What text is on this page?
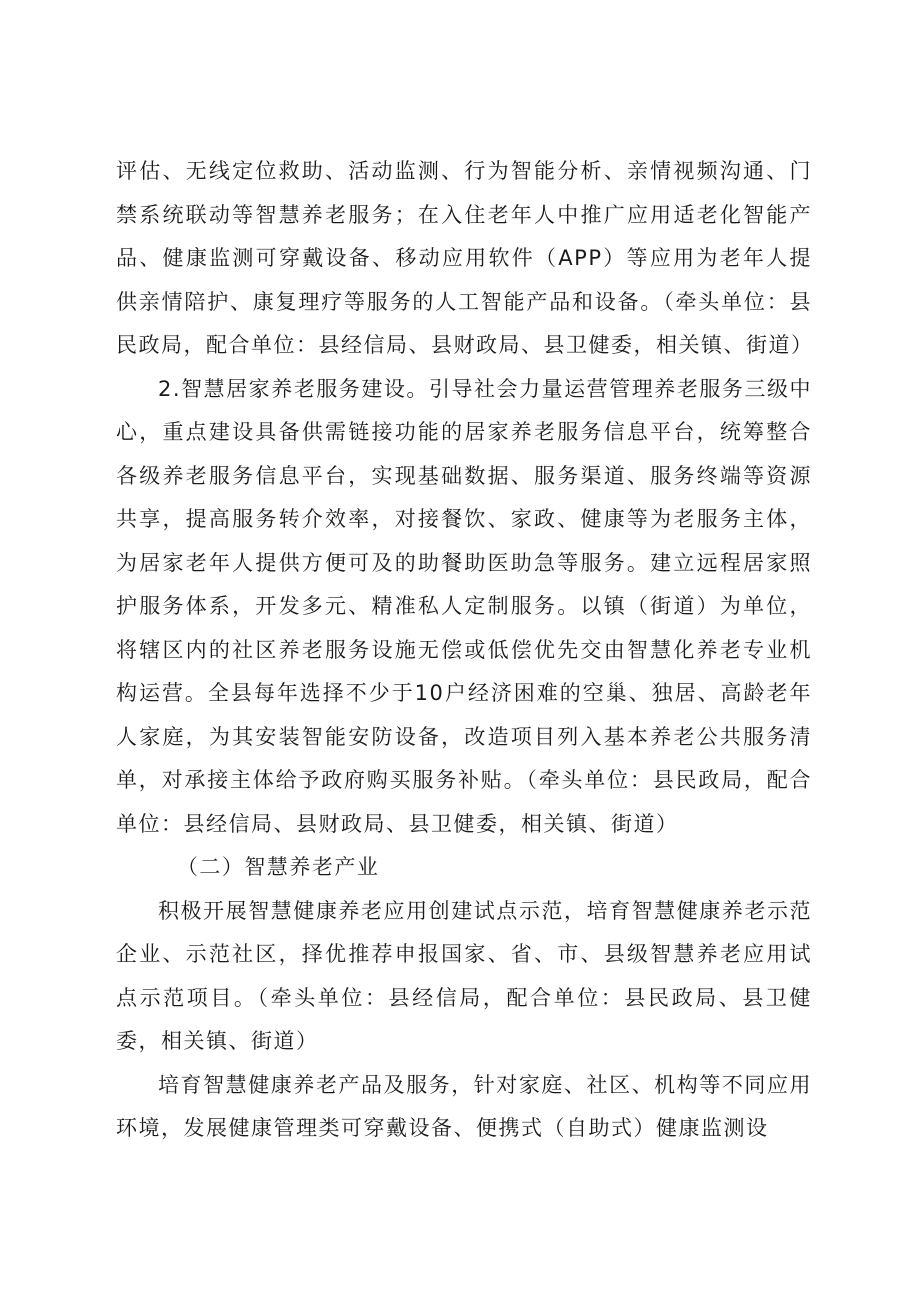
评估、无线定位救助、活动监测、行为智能分析、亲情视频沟通、门禁系统联动等智慧养老服务；在入住老年人中推广应用适老化智能产品、健康监测可穿戴设备、移动应用软件（APP）等应用为老年人提供亲情陪护、康复理疗等服务的人工智能产品和设备。（牵头单位：县民政局，配合单位：县经信局、县财政局、县卫健委，相关镇、街道）

2.智慧居家养老服务建设。引导社会力量运营管理养老服务三级中心，重点建设具备供需链接功能的居家养老服务信息平台，统筹整合各级养老服务信息平台，实现基础数据、服务渠道、服务终端等资源共享，提高服务转介效率，对接餐饮、家政、健康等为老服务主体，为居家老年人提供方便可及的助餐助医助急等服务。建立远程居家照护服务体系，开发多元、精准私人定制服务。以镇（街道）为单位，将辖区内的社区养老服务设施无偿或低偿优先交由智慧化养老专业机构运营。全县每年选择不少于10户经济困难的空巢、独居、高龄老年人家庭，为其安装智能安防设备，改造项目列入基本养老公共服务清单，对承接主体给予政府购买服务补贴。（牵头单位：县民政局，配合单位：县经信局、县财政局、县卫健委，相关镇、街道）

（二）智慧养老产业

积极开展智慧健康养老应用创建试点示范，培育智慧健康养老示范企业、示范社区，择优推荐申报国家、省、市、县级智慧养老应用试点示范项目。（牵头单位：县经信局，配合单位：县民政局、县卫健委，相关镇、街道）

培育智慧健康养老产品及服务，针对家庭、社区、机构等不同应用环境，发展健康管理类可穿戴设备、便携式（自助式）健康监测设
